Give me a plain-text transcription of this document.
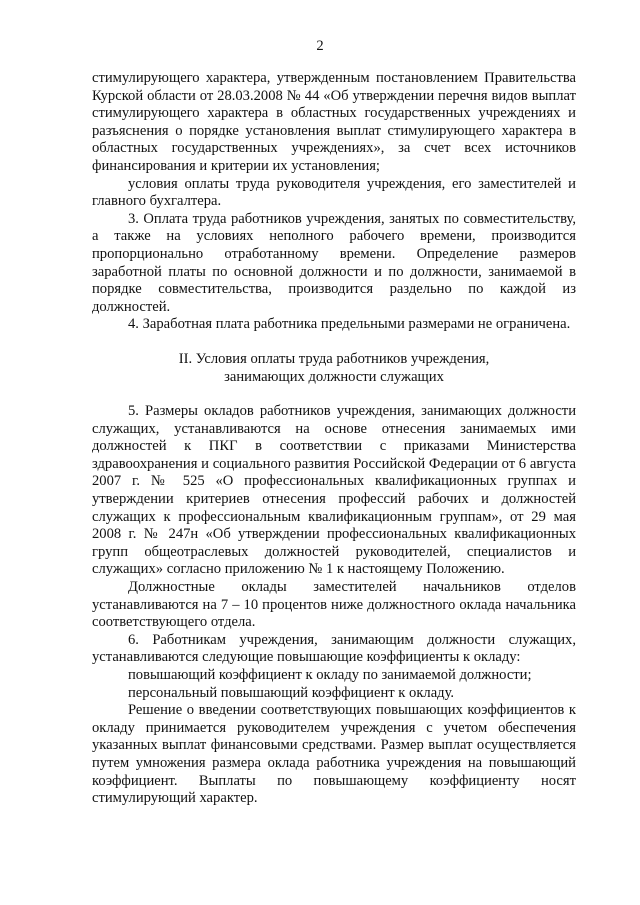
2

стимулирующего характера, утвержденным постановлением Правительства Курской области от 28.03.2008 № 44 «Об утверждении перечня видов выплат стимулирующего характера в областных государственных учреждениях и разъяснения о порядке установления выплат стимулирующего характера в областных государственных учреждениях», за счет всех источников финансирования и критерии их установления;

условия оплаты труда руководителя учреждения, его заместителей и главного бухгалтера.

3. Оплата труда работников учреждения, занятых по совместительству, а также на условиях неполного рабочего времени, производится пропорционально отработанному времени. Определение размеров заработной платы по основной должности и по должности, занимаемой в порядке совместительства, производится раздельно по каждой из должностей.

4. Заработная плата работника предельными размерами не ограничена.

II. Условия оплаты труда работников учреждения,

занимающих должности служащих

5. Размеры окладов работников учреждения, занимающих должности служащих, устанавливаются на основе отнесения занимаемых ими должностей к ПКГ в соответствии с приказами Министерства здравоохранения и социального развития Российской Федерации от 6 августа 2007 г. № 525 «О профессиональных квалификационных группах и утверждении критериев отнесения профессий рабочих и должностей служащих к профессиональным квалификационным группам», от 29 мая 2008 г. № 247н «Об утверждении профессиональных квалификационных групп общеотраслевых должностей руководителей, специалистов и служащих» согласно приложению № 1 к настоящему Положению.

Должностные оклады заместителей начальников отделов устанавливаются на 7 – 10 процентов ниже должностного оклада начальника соответствующего отдела.

6. Работникам учреждения, занимающим должности служащих, устанавливаются следующие повышающие коэффициенты к окладу:

повышающий коэффициент к окладу по занимаемой должности;

персональный повышающий коэффициент к окладу.

Решение о введении соответствующих повышающих коэффициентов к окладу принимается руководителем учреждения с учетом обеспечения указанных выплат финансовыми средствами. Размер выплат осуществляется путем умножения размера оклада работника учреждения на повышающий коэффициент. Выплаты по повышающему коэффициенту носят стимулирующий характер.
